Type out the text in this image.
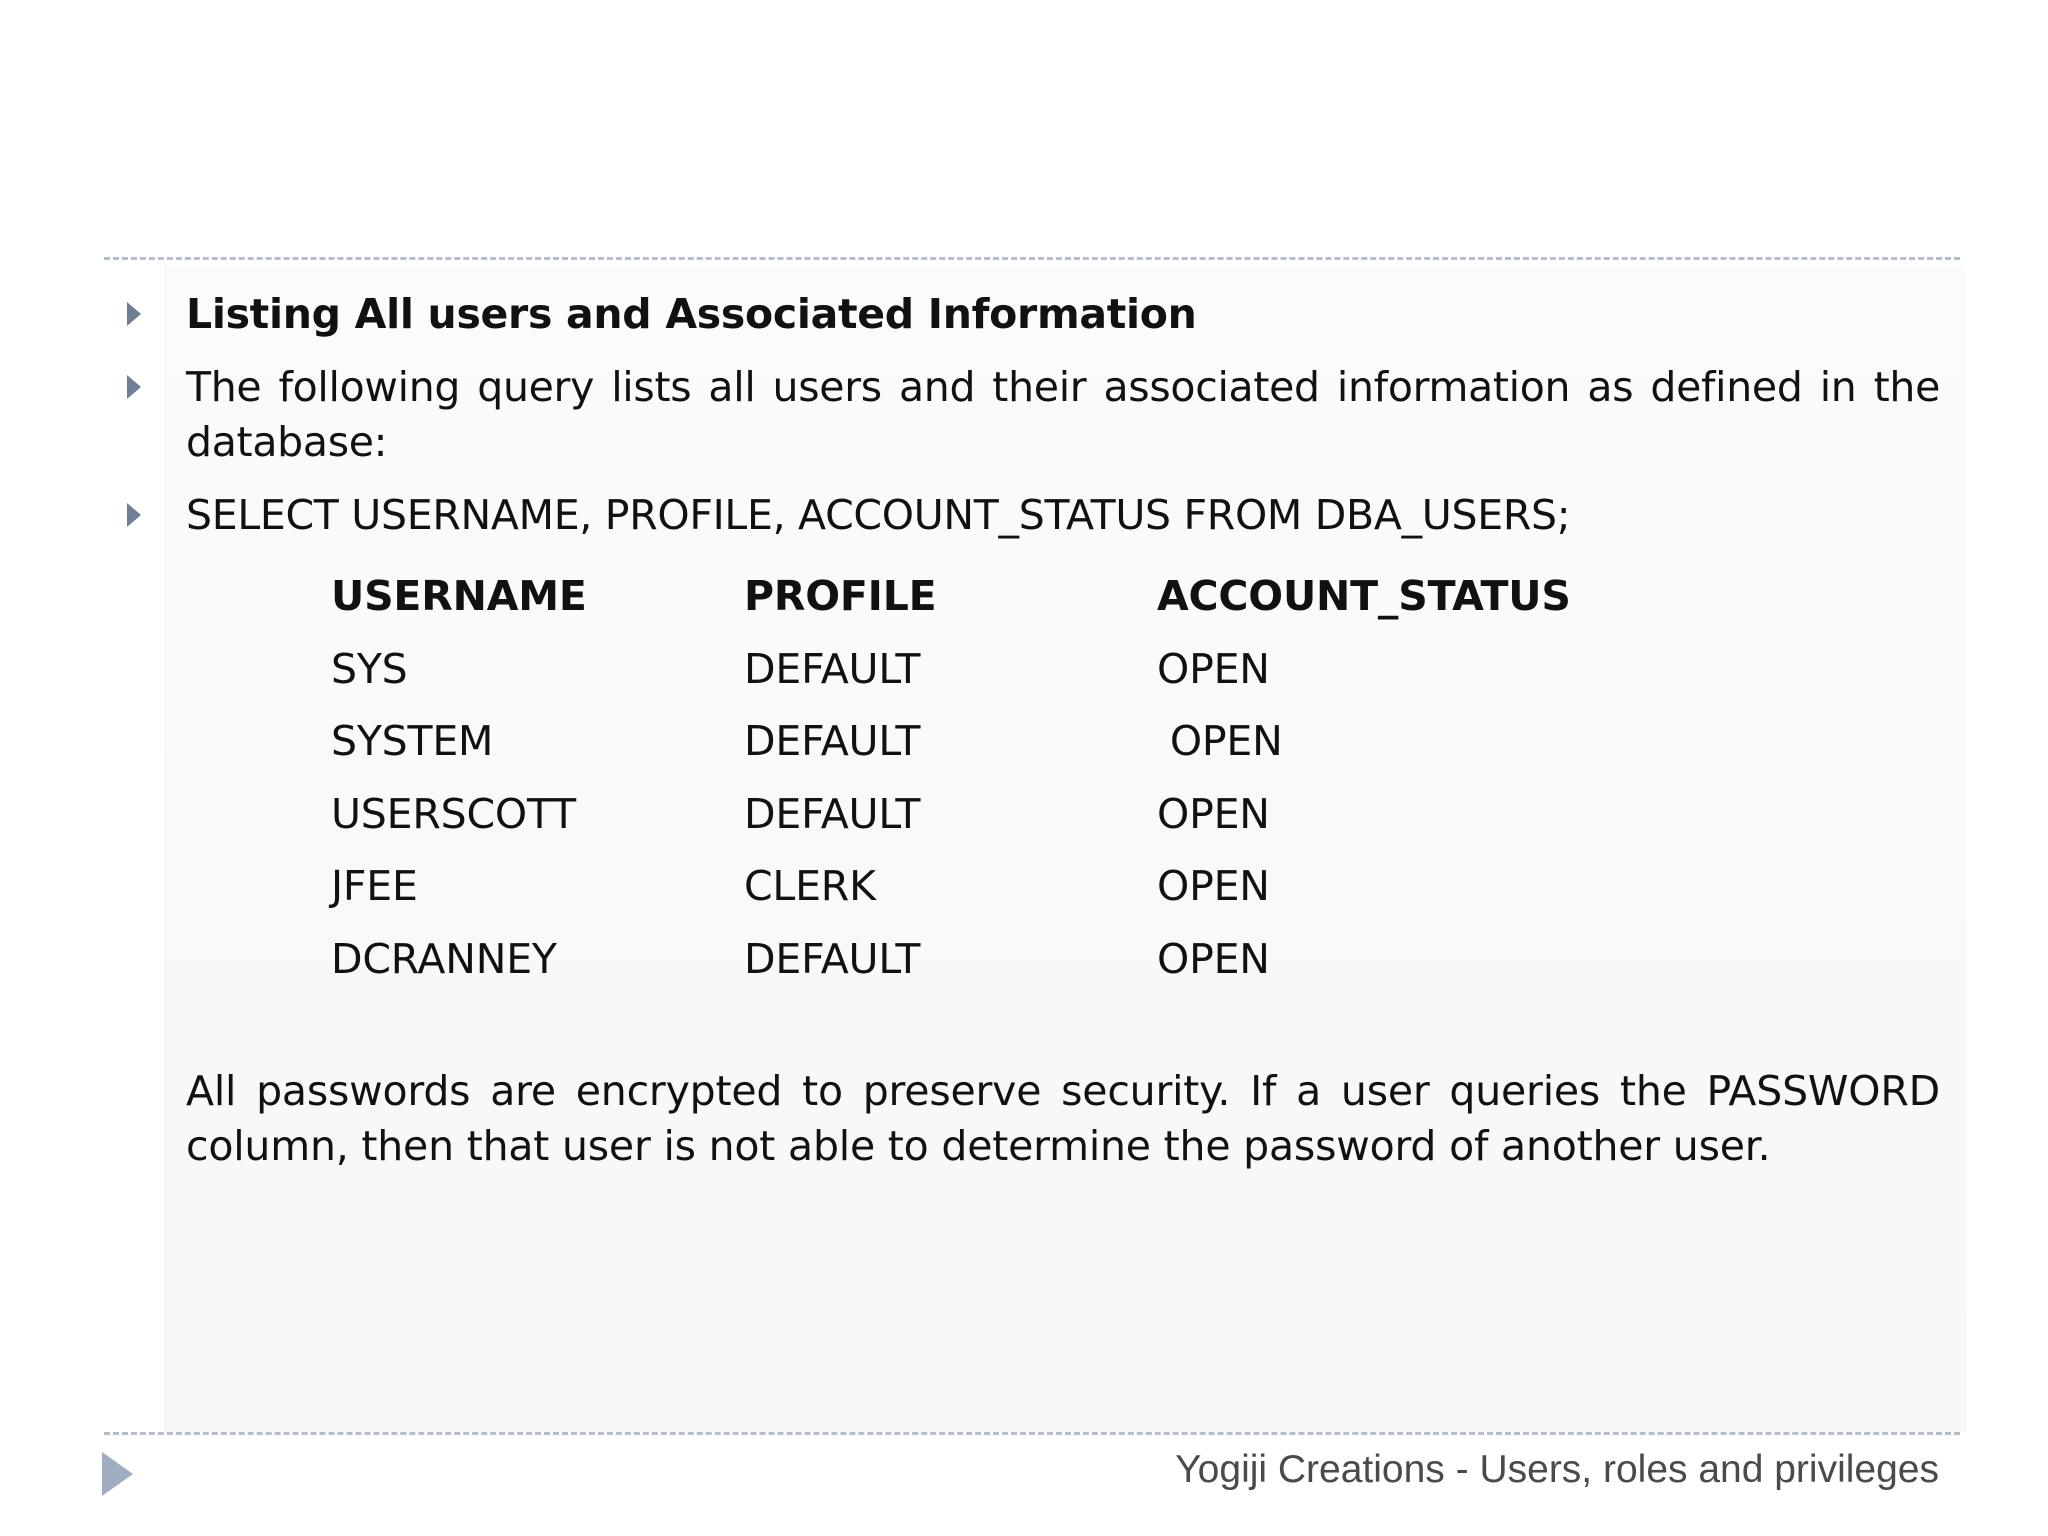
Listing All users and Associated Information
The following query lists all users and their associated information as defined in the database:
SELECT USERNAME, PROFILE, ACCOUNT_STATUS FROM DBA_USERS;
USERNAME	PROFILE	ACCOUNT_STATUS
SYS	DEFAULT	OPEN
SYSTEM	DEFAULT	OPEN
USERSCOTT	DEFAULT	OPEN
JFEE	CLERK	OPEN
DCRANNEY	DEFAULT	OPEN
All passwords are encrypted to preserve security. If a user queries the PASSWORD column, then that user is not able to determine the password of another user.
Yogiji Creations - Users, roles and privileges
